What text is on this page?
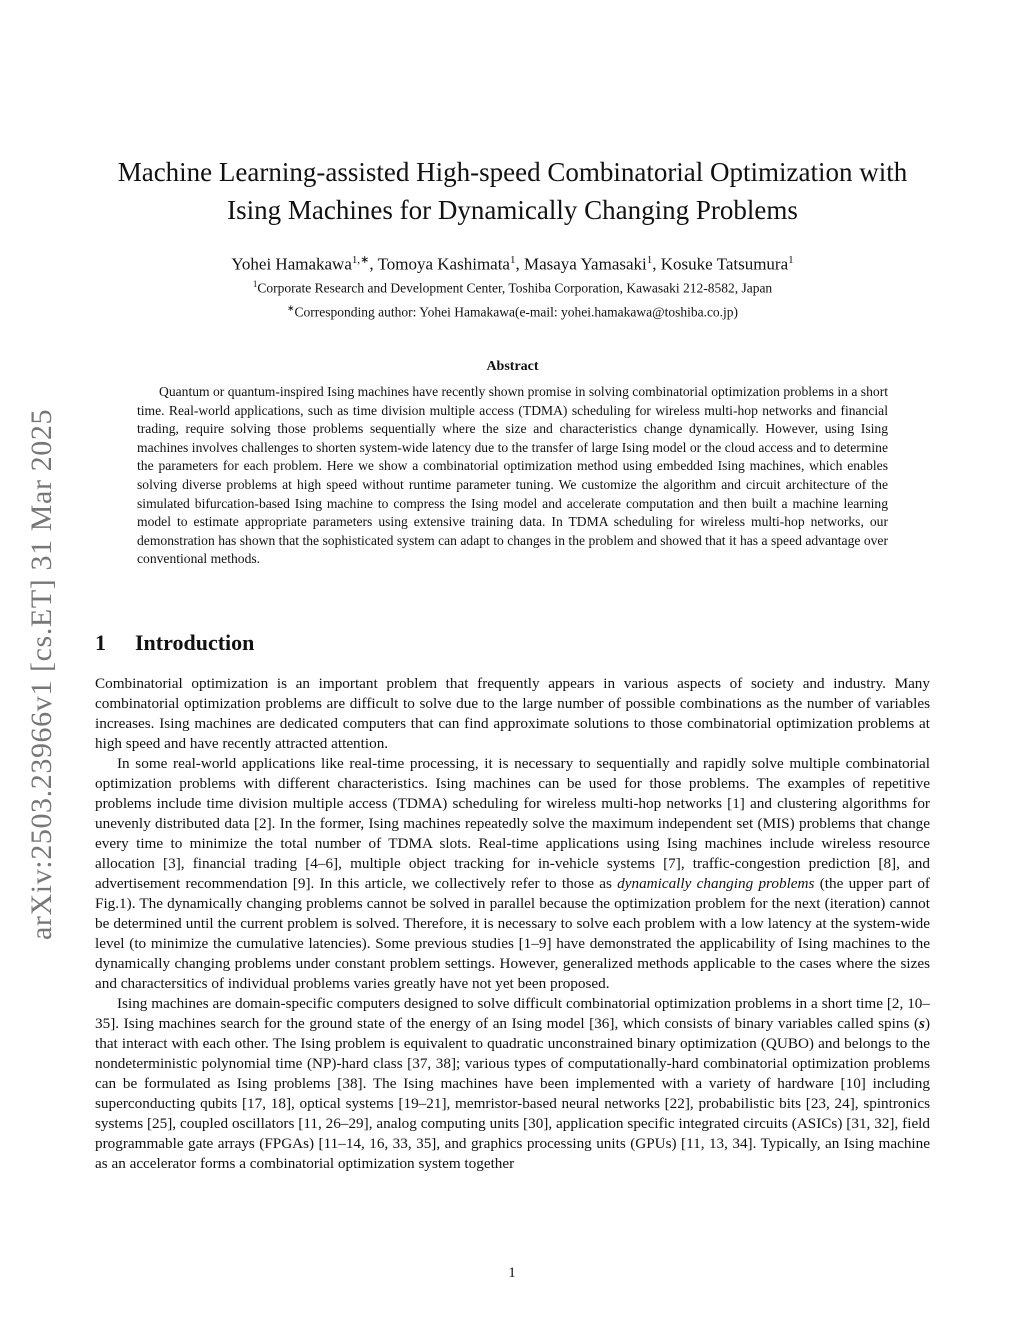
arXiv:2503.23966v1 [cs.ET] 31 Mar 2025
Machine Learning-assisted High-speed Combinatorial Optimization with
Ising Machines for Dynamically Changing Problems
Yohei Hamakawa$^{1,∗}$, Tomoya Kashimata$^1$, Masaya Yamasaki$^1$, Kosuke Tatsumura$^1$
$^1$Corporate Research and Development Center, Toshiba Corporation, Kawasaki 212-8582, Japan
∗Corresponding author: Yohei Hamakawa(e-mail: yohei.hamakawa@toshiba.co.jp)
Abstract
Quantum or quantum-inspired Ising machines have recently shown promise in solving combinatorial optimization problems in a short time. Real-world applications, such as time division multiple access (TDMA) scheduling for wireless multi-hop networks and financial trading, require solving those problems sequentially where the size and characteristics change dynamically. However, using Ising machines involves challenges to shorten system-wide latency due to the transfer of large Ising model or the cloud access and to determine the parameters for each problem. Here we show a combinatorial optimization method using embedded Ising machines, which enables solving diverse problems at high speed without runtime parameter tuning. We customize the algorithm and circuit architecture of the simulated bifurcation-based Ising machine to compress the Ising model and accelerate computation and then built a machine learning model to estimate appropriate parameters using extensive training data. In TDMA scheduling for wireless multi-hop networks, our demonstration has shown that the sophisticated system can adapt to changes in the problem and showed that it has a speed advantage over conventional methods.
1 Introduction

Combinatorial optimization is an important problem that frequently appears in various aspects of society and industry. Many combinatorial optimization problems are difficult to solve due to the large number of possible combinations as the number of variables increases. Ising machines are dedicated computers that can find approximate solutions to those combinatorial optimization problems at high speed and have recently attracted attention.

In some real-world applications like real-time processing, it is necessary to sequentially and rapidly solve multiple combinatorial optimization problems with different characteristics. Ising machines can be used for those problems. The examples of repetitive problems include time division multiple access (TDMA) scheduling for wireless multi-hop networks [1] and clustering algorithms for unevenly distributed data [2]. In the former, Ising machines repeatedly solve the maximum independent set (MIS) problems that change every time to minimize the total number of TDMA slots. Real-time applications using Ising machines include wireless resource allocation [3], financial trading [4–6], multiple object tracking for in-vehicle systems [7], traffic-congestion prediction [8], and advertisement recommendation [9]. In this article, we collectively refer to those as dynamically changing problems (the upper part of Fig.1). The dynamically changing problems cannot be solved in parallel because the optimization problem for the next (iteration) cannot be determined until the current problem is solved. Therefore, it is necessary to solve each problem with a low latency at the system-wide level (to minimize the cumulative latencies). Some previous studies [1–9] have demonstrated the applicability of Ising machines to the dynamically changing problems under constant problem settings. However, generalized methods applicable to the cases where the sizes and charactersitics of individual problems varies greatly have not yet been proposed.

Ising machines are domain-specific computers designed to solve difficult combinatorial optimization problems in a short time [2, 10–35]. Ising machines search for the ground state of the energy of an Ising model [36], which consists of binary variables called spins (s) that interact with each other. The Ising problem is equivalent to quadratic unconstrained binary optimization (QUBO) and belongs to the nondeterministic polynomial time (NP)-hard class [37, 38]; various types of computationally-hard combinatorial optimization problems can be formulated as Ising problems [38]. The Ising machines have been implemented with a variety of hardware [10] including superconducting qubits [17, 18], optical systems [19–21], memristor-based neural networks [22], probabilistic bits [23, 24], spintronics systems [25], coupled oscillators [11, 26–29], analog computing units [30], application specific integrated circuits (ASICs) [31, 32], field programmable gate arrays (FPGAs) [11–14, 16, 33, 35], and graphics processing units (GPUs) [11, 13, 34]. Typically, an Ising machine as an accelerator forms a combinatorial optimization system together

1
